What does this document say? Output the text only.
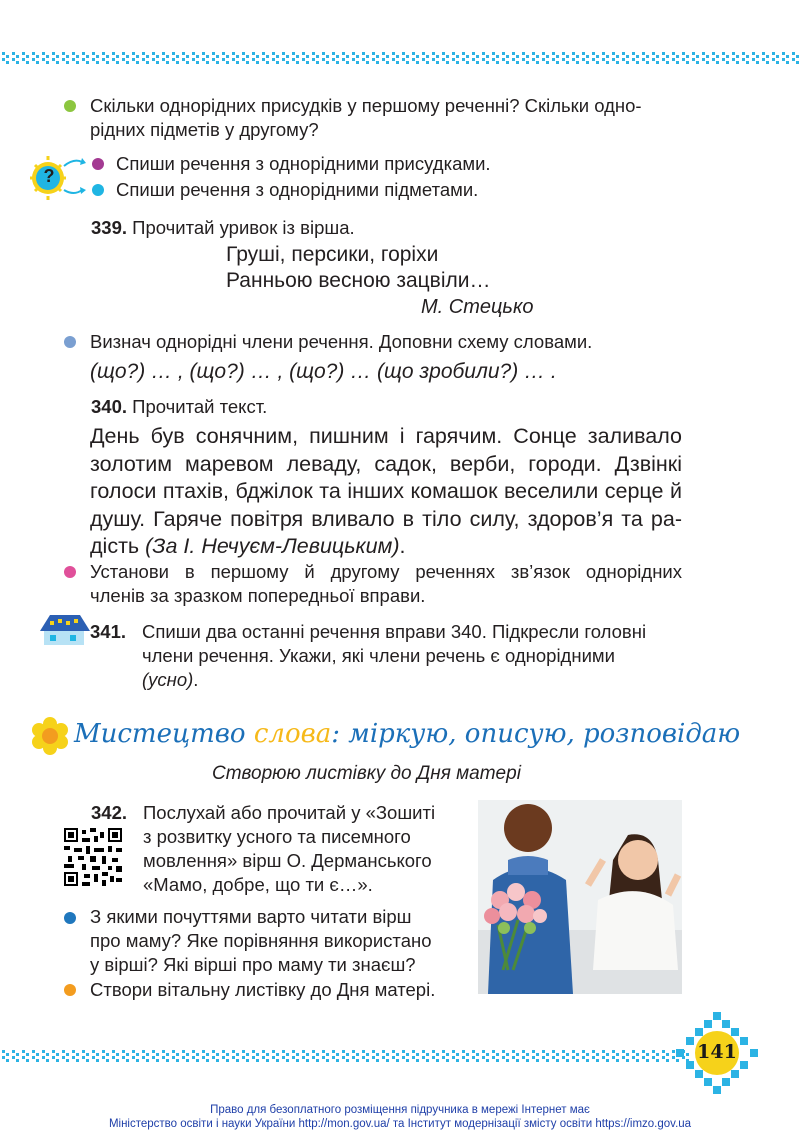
Скільки однорідних присудків у першому реченні? Скільки одно-
рідних підметів у другому?
?
Спиши речення з однорідними присудками.
Спиши речення з однорідними підметами.
339. Прочитай уривок із вірша.
Груші, персики, горіхи
Ранньою весною зацвіли…
М. Стецько
Визнач однорідні члени речення. Доповни схему словами.
(що?) … , (що?) … , (що?) … (що зробили?) … .
340. Прочитай текст.
День був сонячним, пишним і гарячим. Сонце заливало
золотим маревом леваду, садок, верби, городи. Дзвінкі
голоси птахів, бджілок та інших комашок веселили серце й
душу. Гаряче повітря вливало в тіло силу, здоров’я та ра-
дість (За І. Нечуєм-Левицьким).
Установи в першому й другому реченнях зв’язок однорідних
членів за зразком попередньої вправи.
341. Спиши два останні речення вправи 340. Підкресли головні
члени речення. Укажи, які члени речень є однорідними
(усно).
Мистецтво слова: міркую, описую, розповідаю
Створюю листівку до Дня матері
342. Послухай або прочитай у «Зошиті
з розвитку усного та писемного
мовлення» вірш О. Дерманського
«Мамо, добре, що ти є…».
З якими почуттями варто читати вірш
про маму? Яке порівняння використано
у вірші? Які вірші про маму ти знаєш?
Створи вітальну листівку до Дня матері.
141
Право для безоплатного розміщення підручника в мережі Інтернет має
Міністерство освіти і науки України http://mon.gov.ua/ та Інститут модернізації змісту освіти https://imzo.gov.ua
